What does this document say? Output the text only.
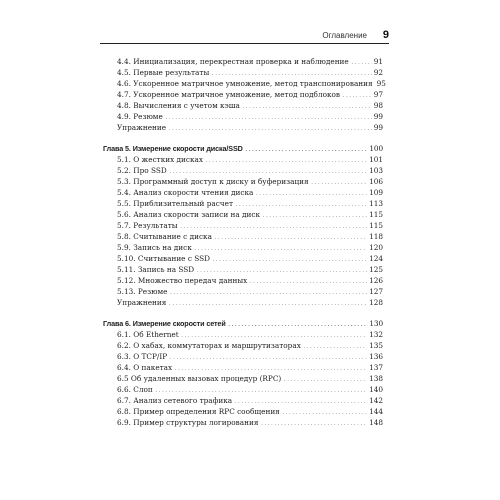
Оглавление 9
4.4. Инициализация, перекрестная проверка и наблюдение .....	91
4.5. Первые результаты .....	92
4.6. Ускоренное матричное умножение, метод транспонирования 95
4.7. Ускоренное матричное умножение, метод подблоков .....	97
4.8. Вычисления с учетом кэша .....	98
4.9. Резюме .....	99
Упражнение .....	99
Глава 5. Измерение скорости диска/SSD .....	100
5.1. О жестких дисках .....	101
5.2. Про SSD .....	103
5.3. Программный доступ к диску и буферизация .....	106
5.4. Анализ скорости чтения диска .....	109
5.5. Приблизительный расчет .....	113
5.6. Анализ скорости записи на диск .....	115
5.7. Результаты .....	115
5.8. Считывание с диска .....	118
5.9. Запись на диск .....	120
5.10. Считывание с SSD .....	124
5.11. Запись на SSD .....	125
5.12. Множество передач данных .....	126
5.13. Резюме .....	127
Упражнения .....	128
Глава 6. Измерение скорости сетей .....	130
6.1. Об Ethernet .....	132
6.2. О хабах, коммутаторах и маршрутизаторах .....	135
6.3. О TCP/IP .....	136
6.4. О пакетах .....	137
6.5 Об удаленных вызовах процедур (RPC) .....	138
6.6. Слоп .....	140
6.7. Анализ сетевого трафика .....	142
6.8. Пример определения RPC сообщения .....	144
6.9. Пример структуры логирования .....	148
